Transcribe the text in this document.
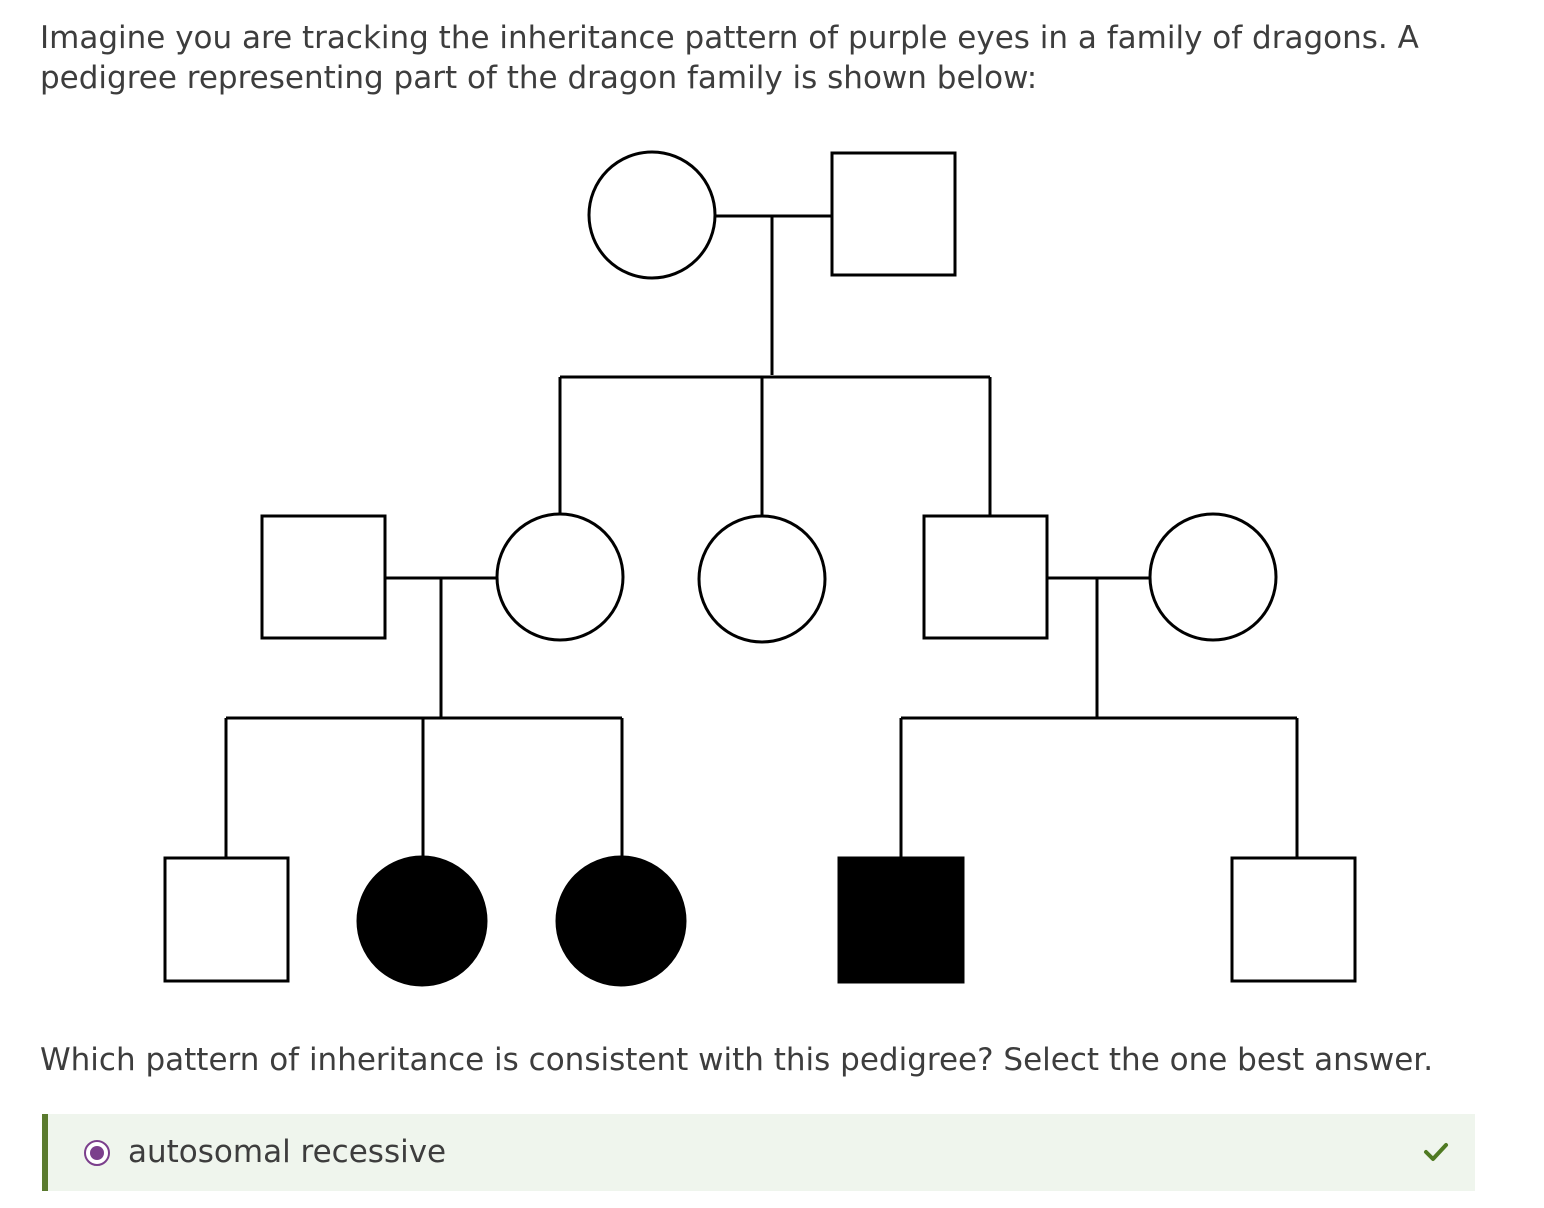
Imagine you are tracking the inheritance pattern of purple eyes in a family of dragons. A pedigree representing part of the dragon family is shown below:

Which pattern of inheritance is consistent with this pedigree? Select the one best answer.

autosomal recessive
